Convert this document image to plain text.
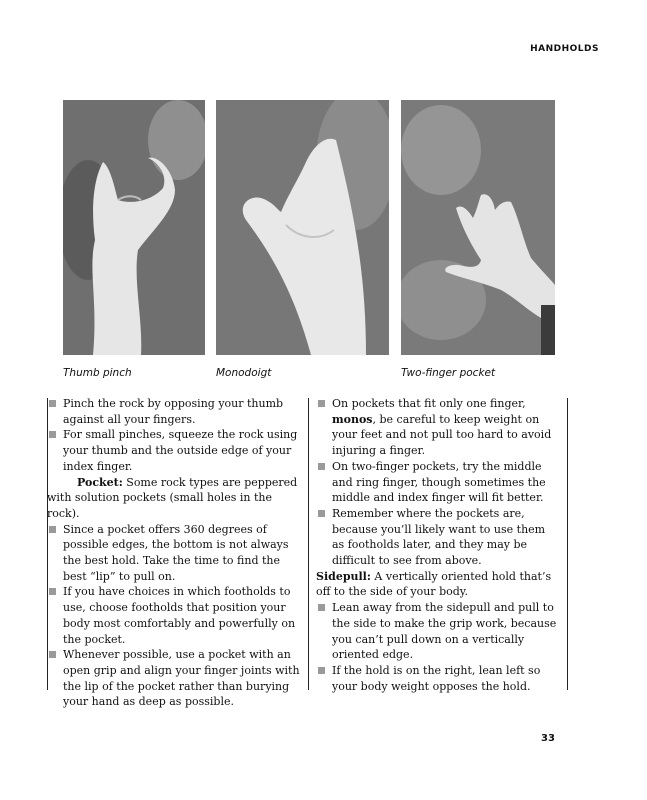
HANDHOLDS
Thumb pinch	Monodoigt	Two-finger pocket
Pinch the rock by opposing your thumb against all your fingers.
For small pinches, squeeze the rock using your thumb and the outside edge of your index finger.
Pocket: Some rock types are peppered with solution pockets (small holes in the rock).
Since a pocket offers 360 degrees of possible edges, the bottom is not always the best hold. Take the time to find the best “lip” to pull on.
If you have choices in which footholds to use, choose footholds that position your body most comfortably and powerfully on the pocket.
Whenever possible, use a pocket with an open grip and align your finger joints with the lip of the pocket rather than burying your hand as deep as possible.
On pockets that fit only one finger, monos, be careful to keep weight on your feet and not pull too hard to avoid injuring a finger.
On two-finger pockets, try the middle and ring finger, though sometimes the middle and index finger will fit better.
Remember where the pockets are, because you’ll likely want to use them as footholds later, and they may be difficult to see from above.
Sidepull: A vertically oriented hold that’s off to the side of your body.
Lean away from the sidepull and pull to the side to make the grip work, because you can’t pull down on a vertically oriented edge.
If the hold is on the right, lean left so your body weight opposes the hold.
33
